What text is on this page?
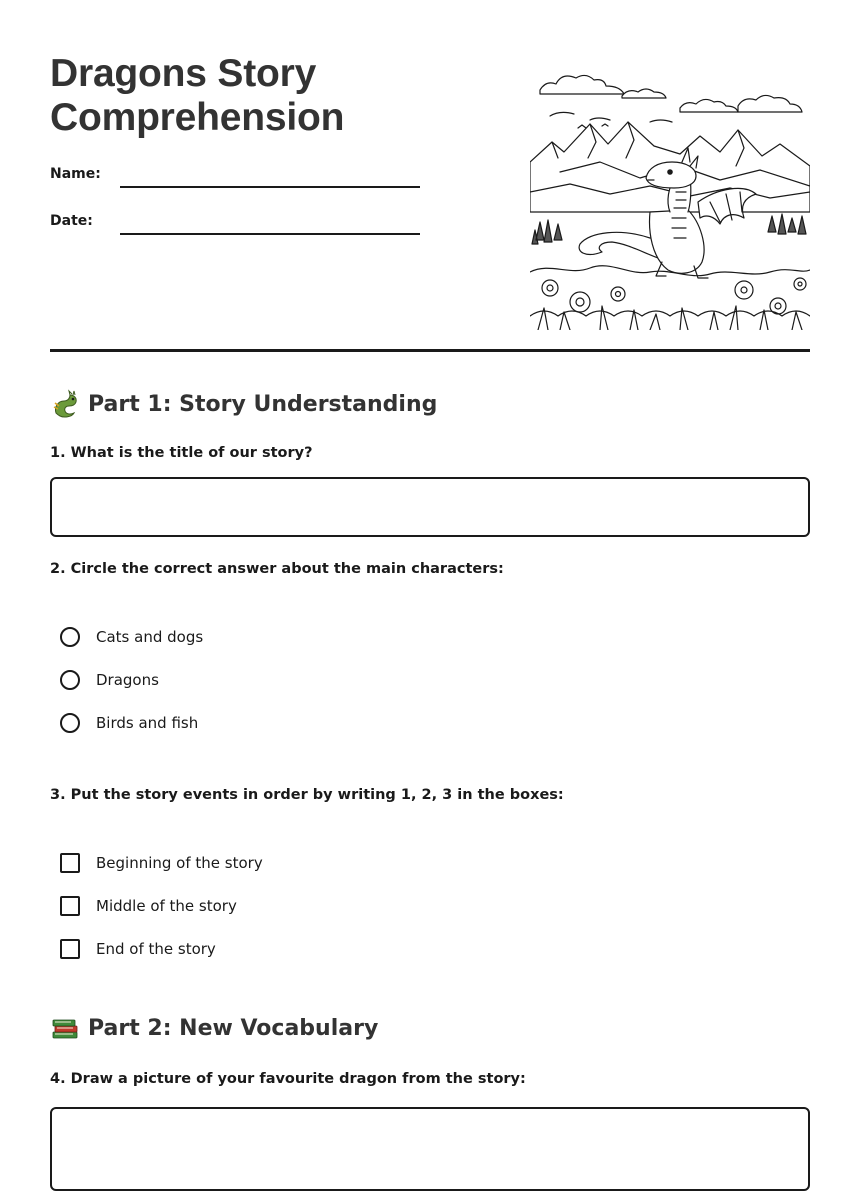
Dragons Story Comprehension
Name:
Date:
Part 1: Story Understanding
1. What is the title of our story?
2. Circle the correct answer about the main characters:
Cats and dogs
Dragons
Birds and fish
3. Put the story events in order by writing 1, 2, 3 in the boxes:
Beginning of the story
Middle of the story
End of the story
Part 2: New Vocabulary
4. Draw a picture of your favourite dragon from the story:
